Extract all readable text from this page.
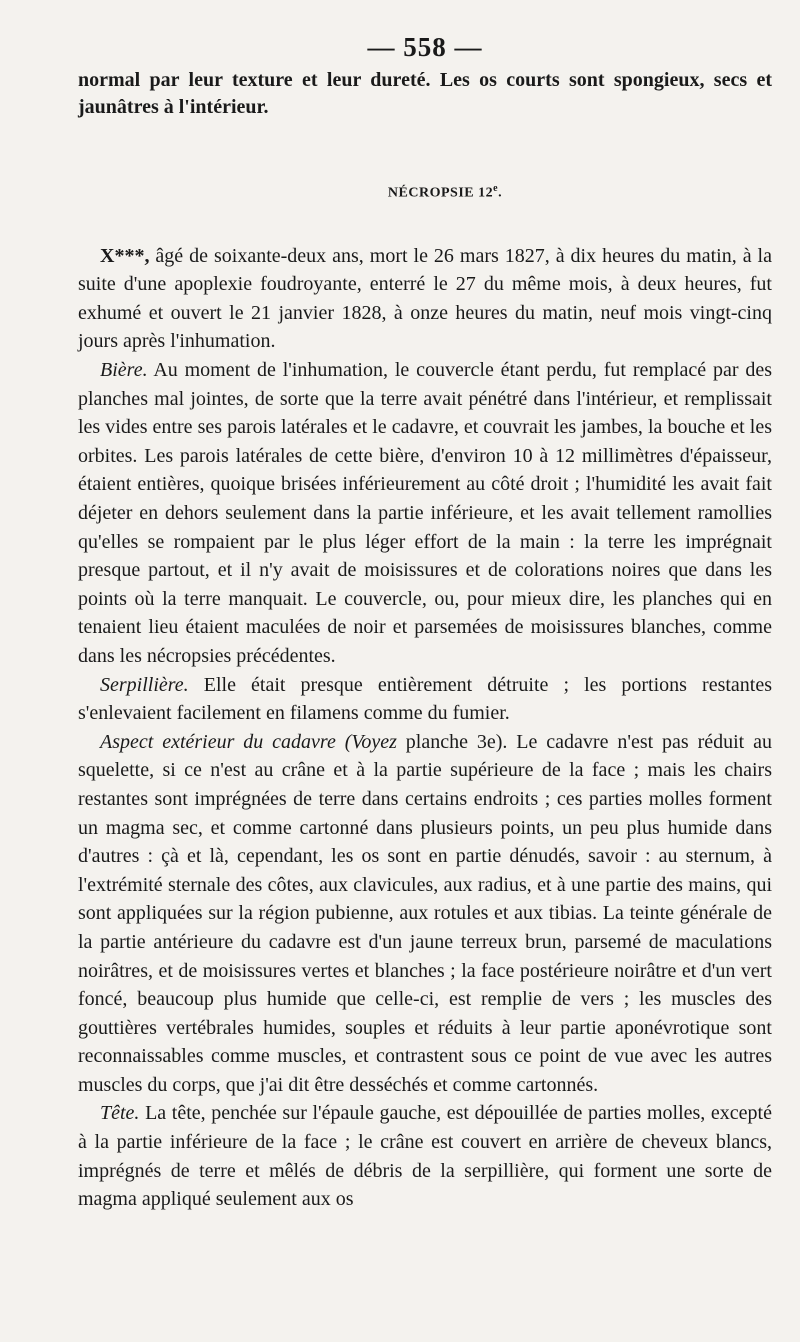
— 558 —

normal par leur texture et leur dureté. Les os courts sont spongieux, secs et jaunâtres à l'intérieur.

NÉCROPSIE 12e.

X***, âgé de soixante-deux ans, mort le 26 mars 1827, à dix heures du matin, à la suite d'une apoplexie foudroyante, enterré le 27 du même mois, à deux heures, fut exhumé et ouvert le 21 janvier 1828, à onze heures du matin, neuf mois vingt-cinq jours après l'inhumation.

Bière. Au moment de l'inhumation, le couvercle étant perdu, fut remplacé par des planches mal jointes, de sorte que la terre avait pénétré dans l'intérieur, et remplissait les vides entre ses parois latérales et le cadavre, et couvrait les jambes, la bouche et les orbites. Les parois latérales de cette bière, d'environ 10 à 12 millimètres d'épaisseur, étaient entières, quoique brisées inférieurement au côté droit ; l'humidité les avait fait déjeter en dehors seulement dans la partie inférieure, et les avait tellement ramollies qu'elles se rompaient par le plus léger effort de la main : la terre les imprégnait presque partout, et il n'y avait de moisissures et de colorations noires que dans les points où la terre manquait. Le couvercle, ou, pour mieux dire, les planches qui en tenaient lieu étaient maculées de noir et parsemées de moisissures blanches, comme dans les nécropsies précédentes.

Serpillière. Elle était presque entièrement détruite ; les portions restantes s'enlevaient facilement en filamens comme du fumier.

Aspect extérieur du cadavre (Voyez planche 3e). Le cadavre n'est pas réduit au squelette, si ce n'est au crâne et à la partie supérieure de la face ; mais les chairs restantes sont imprégnées de terre dans certains endroits ; ces parties molles forment un magma sec, et comme cartonné dans plusieurs points, un peu plus humide dans d'autres : çà et là, cependant, les os sont en partie dénudés, savoir : au sternum, à l'extrémité sternale des côtes, aux clavicules, aux radius, et à une partie des mains, qui sont appliquées sur la région pubienne, aux rotules et aux tibias. La teinte générale de la partie antérieure du cadavre est d'un jaune terreux brun, parsemé de maculations noirâtres, et de moisissures vertes et blanches ; la face postérieure noirâtre et d'un vert foncé, beaucoup plus humide que celle-ci, est remplie de vers ; les muscles des gouttières vertébrales humides, souples et réduits à leur partie aponévrotique sont reconnaissables comme muscles, et contrastent sous ce point de vue avec les autres muscles du corps, que j'ai dit être desséchés et comme cartonnés.

Tête. La tête, penchée sur l'épaule gauche, est dépouillée de parties molles, excepté à la partie inférieure de la face ; le crâne est couvert en arrière de cheveux blancs, imprégnés de terre et mêlés de débris de la serpillière, qui forment une sorte de magma appliqué seulement aux os
